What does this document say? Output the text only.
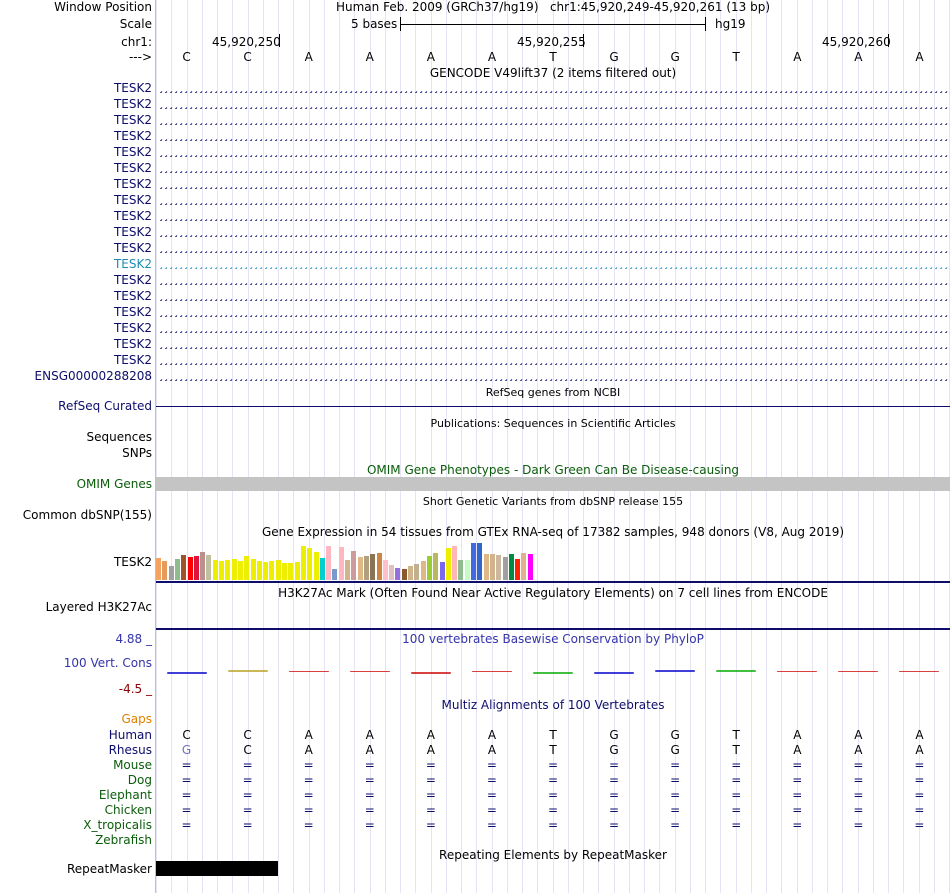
Window Position
Scale
chr1:
--->
Human Feb. 2009 (GRCh37/hg19) chr1:45,920,249-45,920,261 (13 bp)
5 bases	hg19
45,920,250	45,920,255	45,920,260
C	C	A	A	A	A	T	G	G	T	A	A	A
GENCODE V49lift37 (2 items filtered out)
TESK2
TESK2
TESK2
TESK2
TESK2
TESK2
TESK2
TESK2
TESK2
TESK2
TESK2
TESK2
TESK2
TESK2
TESK2
TESK2
TESK2
TESK2
ENSG00000288208
RefSeq genes from NCBI
RefSeq Curated
Publications: Sequences in Scientific Articles
Sequences
SNPs
OMIM Gene Phenotypes - Dark Green Can Be Disease-causing
OMIM Genes
Short Genetic Variants from dbSNP release 155
Common dbSNP(155)
Gene Expression in 54 tissues from GTEx RNA-seq of 17382 samples, 948 donors (V8, Aug 2019)
TESK2
H3K27Ac Mark (Often Found Near Active Regulatory Elements) on 7 cell lines from ENCODE
Layered H3K27Ac
100 vertebrates Basewise Conservation by PhyloP
4.88 _
100 Vert. Cons
-4.5 _
Multiz Alignments of 100 Vertebrates
Gaps
Human	C	C	A	A	A	A	T	G	G	T	A	A	A
Rhesus	G	C	A	A	A	A	T	G	G	T	A	A	A
Mouse	=	=	=	=	=	=	=	=	=	=	=	=	=
Dog	=	=	=	=	=	=	=	=	=	=	=	=	=
Elephant	=	=	=	=	=	=	=	=	=	=	=	=	=
Chicken	=	=	=	=	=	=	=	=	=	=	=	=	=
X_tropicalis	=	=	=	=	=	=	=	=	=	=	=	=	=
Zebrafish
Repeating Elements by RepeatMasker
RepeatMasker
